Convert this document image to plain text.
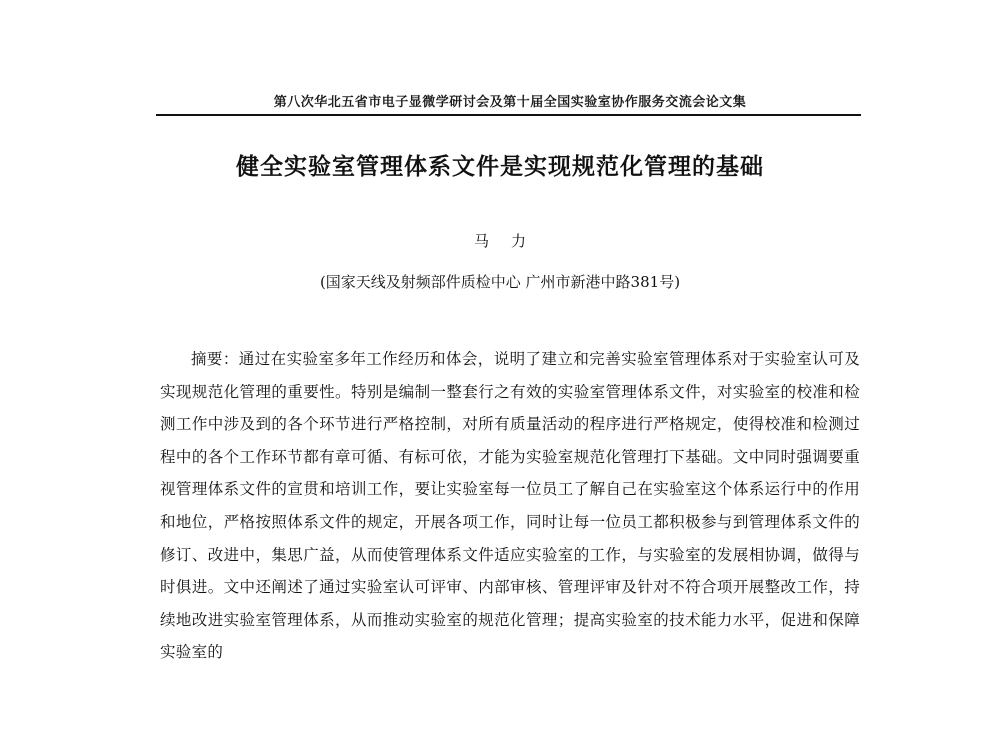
第八次华北五省市电子显微学研讨会及第十届全国实验室协作服务交流会论文集
健全实验室管理体系文件是实现规范化管理的基础
马力
(国家天线及射频部件质检中心 广州市新港中路381号)

摘要：通过在实验室多年工作经历和体会，说明了建立和完善实验室管理体系对于实验室认可及实现规范化管理的重要性。特别是编制一整套行之有效的实验室管理体系文件，对实验室的校准和检测工作中涉及到的各个环节进行严格控制，对所有质量活动的程序进行严格规定，使得校准和检测过程中的各个工作环节都有章可循、有标可依，才能为实验室规范化管理打下基础。文中同时强调要重视管理体系文件的宣贯和培训工作，要让实验室每一位员工了解自己在实验室这个体系运行中的作用和地位，严格按照体系文件的规定，开展各项工作，同时让每一位员工都积极参与到管理体系文件的修订、改进中，集思广益，从而使管理体系文件适应实验室的工作，与实验室的发展相协调，做得与时俱进。文中还阐述了通过实验室认可评审、内部审核、管理评审及针对不符合项开展整改工作，持续地改进实验室管理体系，从而推动实验室的规范化管理；提高实验室的技术能力水平，促进和保障实验室的
